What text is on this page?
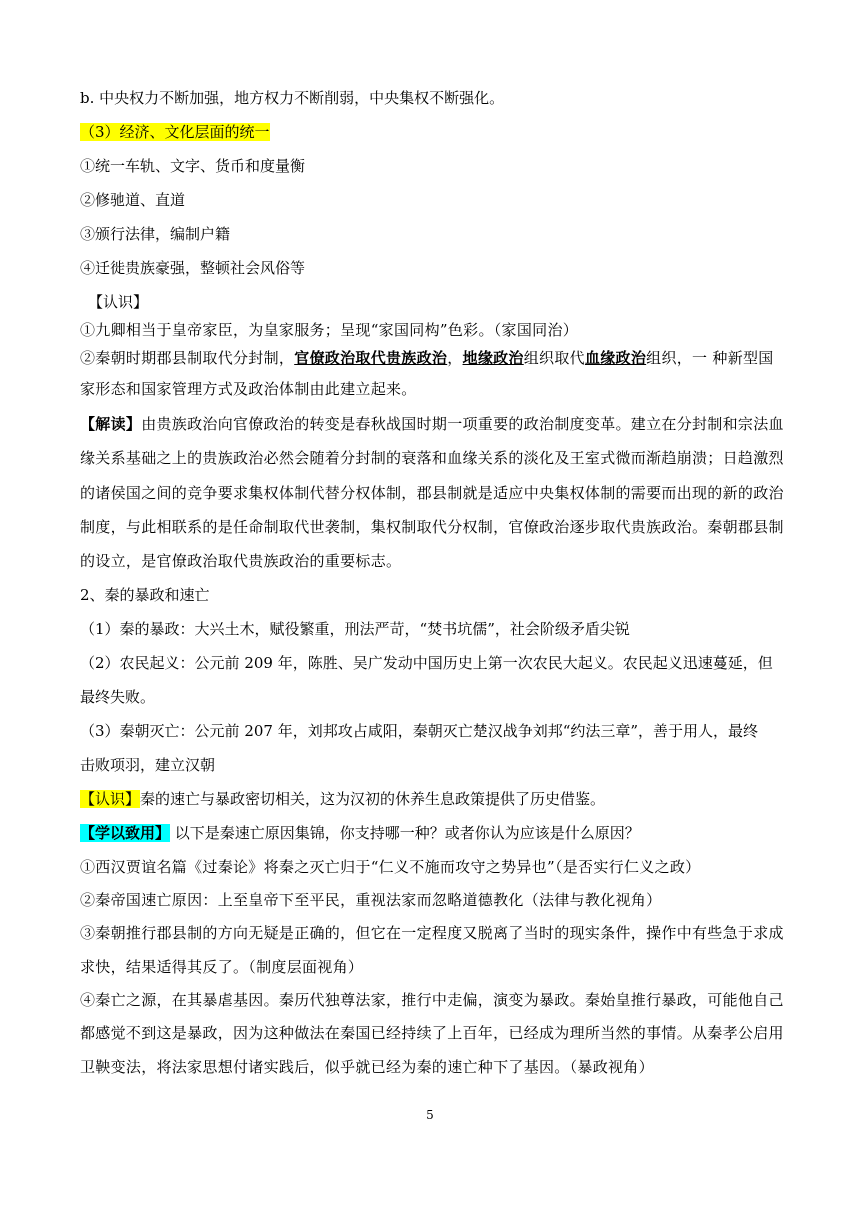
b. 中央权力不断加强，地方权力不断削弱，中央集权不断强化。
（3）经济、文化层面的统一
①统一车轨、文字、货币和度量衡
②修驰道、直道
③颁行法律，编制户籍
④迁徙贵族豪强，整顿社会风俗等
【认识】
①九卿相当于皇帝家臣，为皇家服务；呈现“家国同构”色彩。（家国同治）
②秦朝时期郡县制取代分封制，官僚政治取代贵族政治，地缘政治组织取代血缘政治组织，一 种新型国
家形态和国家管理方式及政治体制由此建立起来。
【解读】由贵族政治向官僚政治的转变是春秋战国时期一项重要的政治制度变革。建立在分封制和宗法血
缘关系基础之上的贵族政治必然会随着分封制的衰落和血缘关系的淡化及王室式微而渐趋崩溃；日趋激烈
的诸侯国之间的竞争要求集权体制代替分权体制，郡县制就是适应中央集权体制的需要而出现的新的政治
制度，与此相联系的是任命制取代世袭制，集权制取代分权制，官僚政治逐步取代贵族政治。秦朝郡县制
的设立，是官僚政治取代贵族政治的重要标志。
2、秦的暴政和速亡
（1）秦的暴政：大兴土木，赋役繁重，刑法严苛，“焚书坑儒”，社会阶级矛盾尖锐
（2）农民起义：公元前 209 年，陈胜、吴广发动中国历史上第一次农民大起义。农民起义迅速蔓延，但
最终失败。
（3）秦朝灭亡：公元前 207 年，刘邦攻占咸阳，秦朝灭亡楚汉战争刘邦“约法三章”，善于用人，最终
击败项羽，建立汉朝
【认识】秦的速亡与暴政密切相关，这为汉初的休养生息政策提供了历史借鉴。
【学以致用】 以下是秦速亡原因集锦，你支持哪一种？或者你认为应该是什么原因？
①西汉贾谊名篇《过秦论》将秦之灭亡归于“仁义不施而攻守之势异也”（是否实行仁义之政）
②秦帝国速亡原因：上至皇帝下至平民，重视法家而忽略道德教化（法律与教化视角）
③秦朝推行郡县制的方向无疑是正确的，但它在一定程度又脱离了当时的现实条件，操作中有些急于求成
求快，结果适得其反了。（制度层面视角）
④秦亡之源，在其暴虐基因。秦历代独尊法家，推行中走偏，演变为暴政。秦始皇推行暴政，可能他自己
都感觉不到这是暴政，因为这种做法在秦国已经持续了上百年，已经成为理所当然的事情。从秦孝公启用
卫鞅变法，将法家思想付诸实践后，似乎就已经为秦的速亡种下了基因。（暴政视角）
5
